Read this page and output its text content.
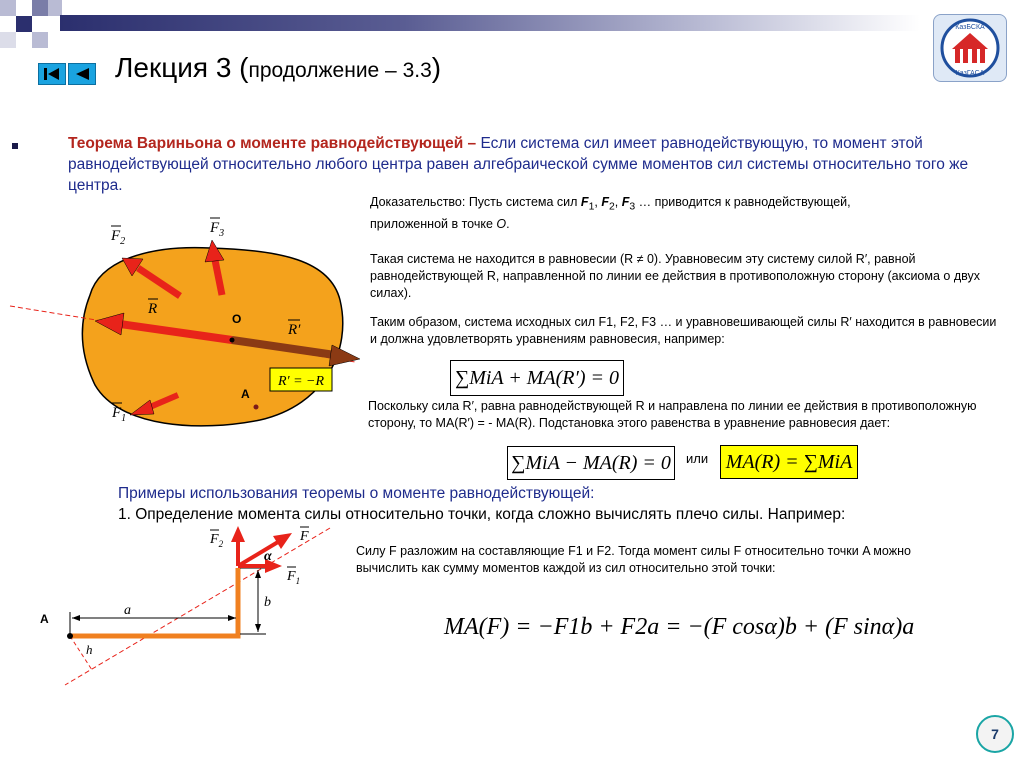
Лекция 3 (продолжение – 3.3)
КазБСКА
КазГАСА
Теорема Вариньона о моменте равнодействующей – Если система сил имеет равнодействующую, то момент этой равнодействующей относительно любого центра равен алгебраической сумме моментов сил системы относительно того же центра.
$F_2$
$F_3$
R
O
R′
A
$F_1$
R′ = −R
Доказательство: Пусть система сил $F_1$, $F_2$, $F_3$ … приводится к равнодействующей, приложенной в точке O.
Такая система не находится в равновесии (R ≠ 0). Уравновесим эту систему силой R′, равной равнодействующей R, направленной по линии ее действия в противоположную сторону (аксиома о двух силах).
Таким образом, система исходных сил F1, F2, F3 … и уравновешивающей силы R′ находится в равновесии и должна удовлетворять уравнениям равновесия, например:
∑MiA + MA(R′) = 0
Поскольку сила R′, равна равнодействующей R и направлена по линии ее действия в противоположную сторону, то MA(R′) = - MA(R). Подстановка этого равенства в уравнение равновесия дает:
∑MiA − MA(R) = 0	или MA(R) = ∑MiA
Примеры использования теоремы о моменте равнодействующей:
1. Определение момента силы относительно точки, когда сложно вычислять плечо силы. Например:
$F_2$	F
α
$F_1$
b
a
A
h
Силу F разложим на составляющие F1 и F2. Тогда момент силы F относительно точки A можно вычислить как сумму моментов каждой из сил относительно этой точки:
MA(F) = −F1b + F2a = −(F cosα)b + (F sinα)a
7
